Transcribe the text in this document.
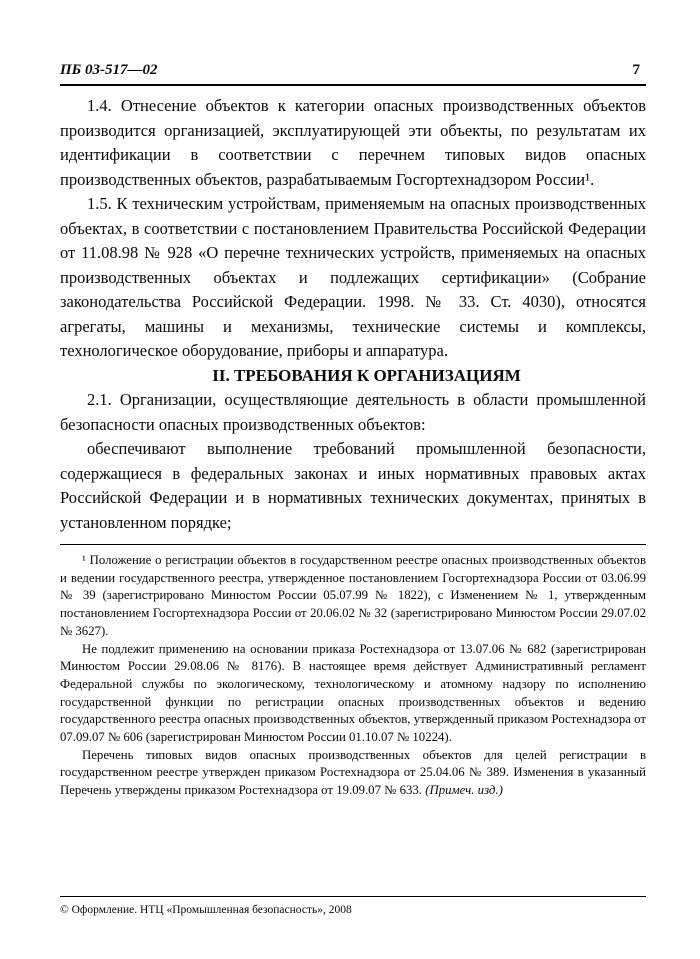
ПБ 03-517—02	7

1.4. Отнесение объектов к категории опасных производственных объектов производится организацией, эксплуатирующей эти объекты, по результатам их идентификации в соответствии с перечнем типовых видов опасных производственных объектов, разрабатываемым Госгортехнадзором России¹.

1.5. К техническим устройствам, применяемым на опасных производственных объектах, в соответствии с постановлением Правительства Российской Федерации от 11.08.98 № 928 «О перечне технических устройств, применяемых на опасных производственных объектах и подлежащих сертификации» (Собрание законодательства Российской Федерации. 1998. № 33. Ст. 4030), относятся агрегаты, машины и механизмы, технические системы и комплексы, технологическое оборудование, приборы и аппаратура.

II. ТРЕБОВАНИЯ К ОРГАНИЗАЦИЯМ

2.1. Организации, осуществляющие деятельность в области промышленной безопасности опасных производственных объектов:

обеспечивают выполнение требований промышленной безопасности, содержащиеся в федеральных законах и иных нормативных правовых актах Российской Федерации и в нормативных технических документах, принятых в установленном порядке;

¹ Положение о регистрации объектов в государственном реестре опасных производственных объектов и ведении государственного реестра, утвержденное постановлением Госгортехнадзора России от 03.06.99 № 39 (зарегистрировано Минюстом России 05.07.99 № 1822), с Изменением № 1, утвержденным постановлением Госгортехнадзора России от 20.06.02 № 32 (зарегистрировано Минюстом России 29.07.02 № 3627).

Не подлежит применению на основании приказа Ростехнадзора от 13.07.06 № 682 (зарегистрирован Минюстом России 29.08.06 № 8176). В настоящее время действует Административный регламент Федеральной службы по экологическому, технологическому и атомному надзору по исполнению государственной функции по регистрации опасных производственных объектов и ведению государственного реестра опасных производственных объектов, утвержденный приказом Ростехнадзора от 07.09.07 № 606 (зарегистрирован Минюстом России 01.10.07 № 10224).

Перечень типовых видов опасных производственных объектов для целей регистрации в государственном реестре утвержден приказом Ростехнадзора от 25.04.06 № 389. Изменения в указанный Перечень утверждены приказом Ростехнадзора от 19.09.07 № 633. (Примеч. изд.)

© Оформление. НТЦ «Промышленная безопасность», 2008
